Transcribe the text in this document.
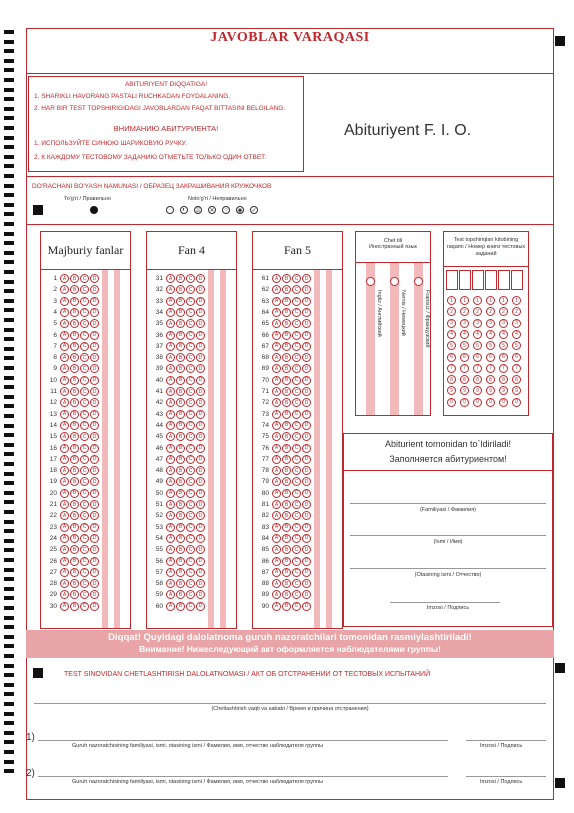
JAVOBLAR VARAQASI
ABITURIYENT DIQQATIGA!
1. SHARIKLI HAVORANG PASTALI RUCHKADAN FOYDALANING.
2. HAR BIR TEST TOPSHIRIGIDAGI JAVOBLARDAN FAQAT BITTASINI BELGILANG.
ВНИМАНИЮ АБИТУРИЕНТА!
1. ИСПОЛЬЗУЙТЕ СИНЮЮ ШАРИКОВУЮ РУЧКУ.
2. К КАЖДОМУ ТЕСТОВОМУ ЗАДАНИЮ ОТМЕТЬТЕ ТОЛЬКО ОДИН ОТВЕТ.
Abituriyent F. I. O.
DO'RACHANI BO'YASH NAMUNASI / ОБРАЗЕЦ ЗАКРАШИВАНИЯ КРУЖОЧКОВ
To'g'ri / Правильно	Noto'g'ri / Неправильно
·	◐	▒	✕	○	◉ ✓
Majburiy fanlar	Fan 4	Fan 5
1	A	B	C	D
2	A	B	C	D
3	A	B	C	D
4	A	B	C	D
5	A	B	C	D
6	A	B	C	D
7	A	B	C	D
8	A	B	C	D
9	A	B	C	D
10	A	B	C	D
11	A	B	C	D
12	A	B	C	D
13	A	B	C	D
14	A	B	C	D
15	A	B	C	D
16	A	B	C	D
17	A	B	C	D
18	A	B	C	D
19	A	B	C	D
20	A	B	C	D
21	A	B	C	D
22	A	B	C	D
23	A	B	C	D
24	A	B	C	D
25	A	B	C	D
26	A	B	C	D
27	A	B	C	D
28	A	B	C	D
29	A	B	C	D
30	A	B	C	D
31	A	B	C	D
32	A	B	C	D
33	A	B	C	D
34	A	B	C	D
35	A	B	C	D
36	A	B	C	D
37	A	B	C	D
38	A	B	C	D
39	A	B	C	D
40	A	B	C	D
41	A	B	C	D
42	A	B	C	D
43	A	B	C	D
44	A	B	C	D
45	A	B	C	D
46	A	B	C	D
47	A	B	C	D
48	A	B	C	D
49	A	B	C	D
50	A	B	C	D
51	A	B	C	D
52	A	B	C	D
53	A	B	C	D
54	A	B	C	D
55	A	B	C	D
56	A	B	C	D
57	A	B	C	D
58	A	B	C	D
59	A	B	C	D
60	A	B	C	D
61	A	B	C	D
62	A	B	C	D
63	A	B	C	D
64	A	B	C	D
65	A	B	C	D
66	A	B	C	D
67	A	B	C	D
68	A	B	C	D
69	A	B	C	D
70	A	B	C	D
71	A	B	C	D
72	A	B	C	D
73	A	B	C	D
74	A	B	C	D
75	A	B	C	D
76	A	B	C	D
77	A	B	C	D
78	A	B	C	D
79	A	B	C	D
80	A	B	C	D
81	A	B	C	D
82	A	B	C	D
83	A	B	C	D
84	A	B	C	D
85	A	B	C	D
86	A	B	C	D
87	A	B	C	D
88	A	B	C	D
89	A	B	C	D
90	A	B	C	D
Chet tili
Иностранный язык
Ingliz / Английский	Nemis / Немецкий	Fransuz / Французский
Test topshiriqlari kitobining raqami / Номер книги тестовых заданий
1	1	1	1	1	1
2	2	2	2	2	2
3	3	3	3	3	3
4	4	4	4	4	4
5	5	5	5	5	5
6	6	6	6	6	6
7	7	7	7	7	7
8	8	8	8	8	8
9	9	9	9	9	9
0	0	0	0	0	0
Abiturient tomonidan to`ldiriladi!
Заполняется абитуриентом!
(Familiyasi / Фамилия)
(Ismi / Имя)
(Otasining ismi / Отчество)
Imzosi / Подпись
Diqqat! Quyidagi dalolatnoma guruh nazoratchilari tomonidan rasmiylashtiriladi!
Внимание! Нижеследующий акт оформляется наблюдателями группы!
TEST SINOVIDAN CHETLASHTIRISH DALOLATNOMASI / АКТ ОБ ОТСТРАНЕНИИ ОТ ТЕСТОВЫХ ИСПЫТАНИЙ
(Chetlashtirish vaqti va sababi / Время и причина отстранения)
1)
Guruh nazoratchisining familiyasi, ismi, otasining ismi / Фамилия, имя, отчество наблюдателя группы	Imzosi / Подпись
2)
Guruh nazoratchisining familiyasi, ismi, otasining ismi / Фамилия, имя, отчество наблюдателя группы	Imzosi / Подпись
